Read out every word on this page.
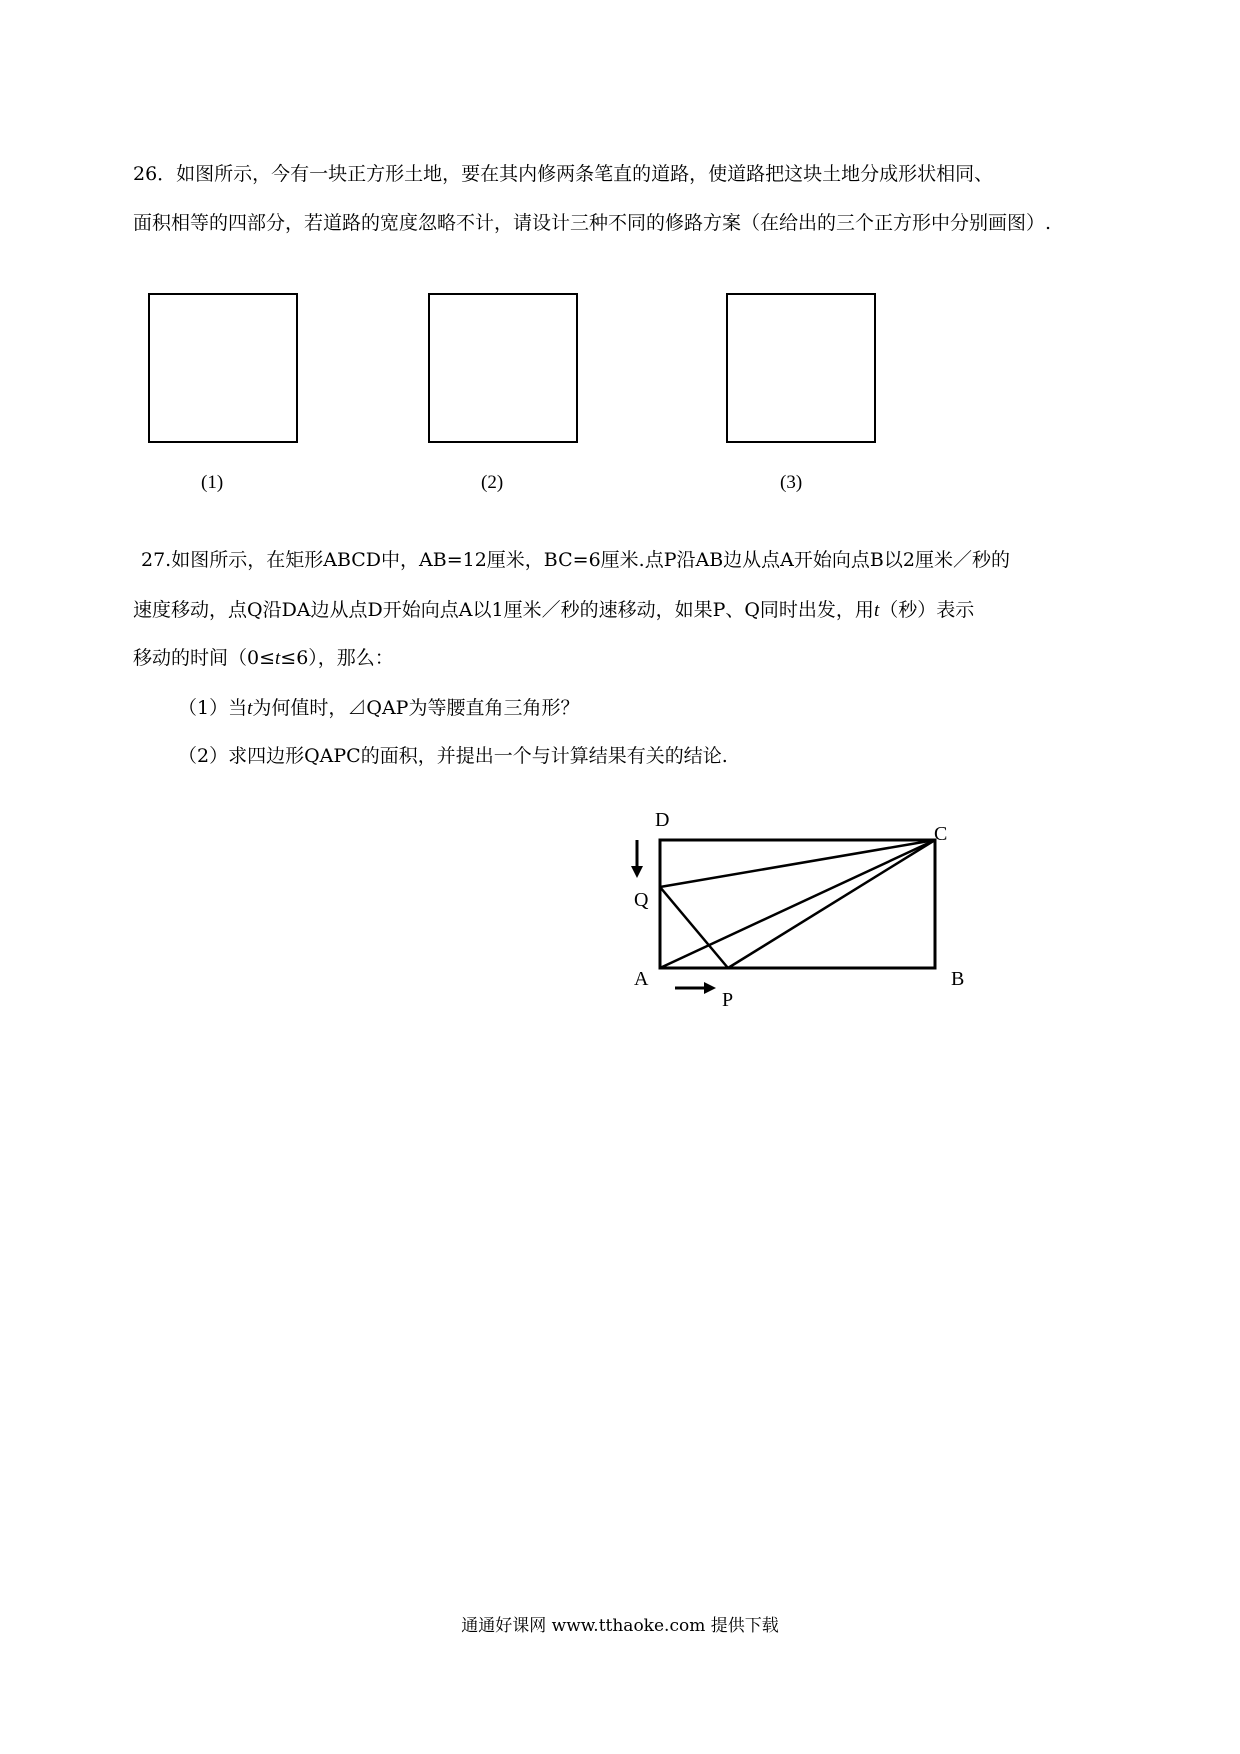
26．如图所示，今有一块正方形土地，要在其内修两条笔直的道路，使道路把这块土地分成形状相同、
面积相等的四部分，若道路的宽度忽略不计，请设计三种不同的修路方案（在给出的三个正方形中分别画图）.
(1)	(2)	(3)
27.如图所示，在矩形ABCD中，AB=12厘米，BC=6厘米.点P沿AB边从点A开始向点B以2厘米／秒的
速度移动，点Q沿DA边从点D开始向点A以1厘米／秒的速移动，如果P、Q同时出发，用t（秒）表示
移动的时间（0≤t≤6），那么：
（1）当t为何值时，⊿QAP为等腰直角三角形？
（2）求四边形QAPC的面积，并提出一个与计算结果有关的结论.
D
C
Q
A
P
B
通通好课网 www.tthaoke.com 提供下载
